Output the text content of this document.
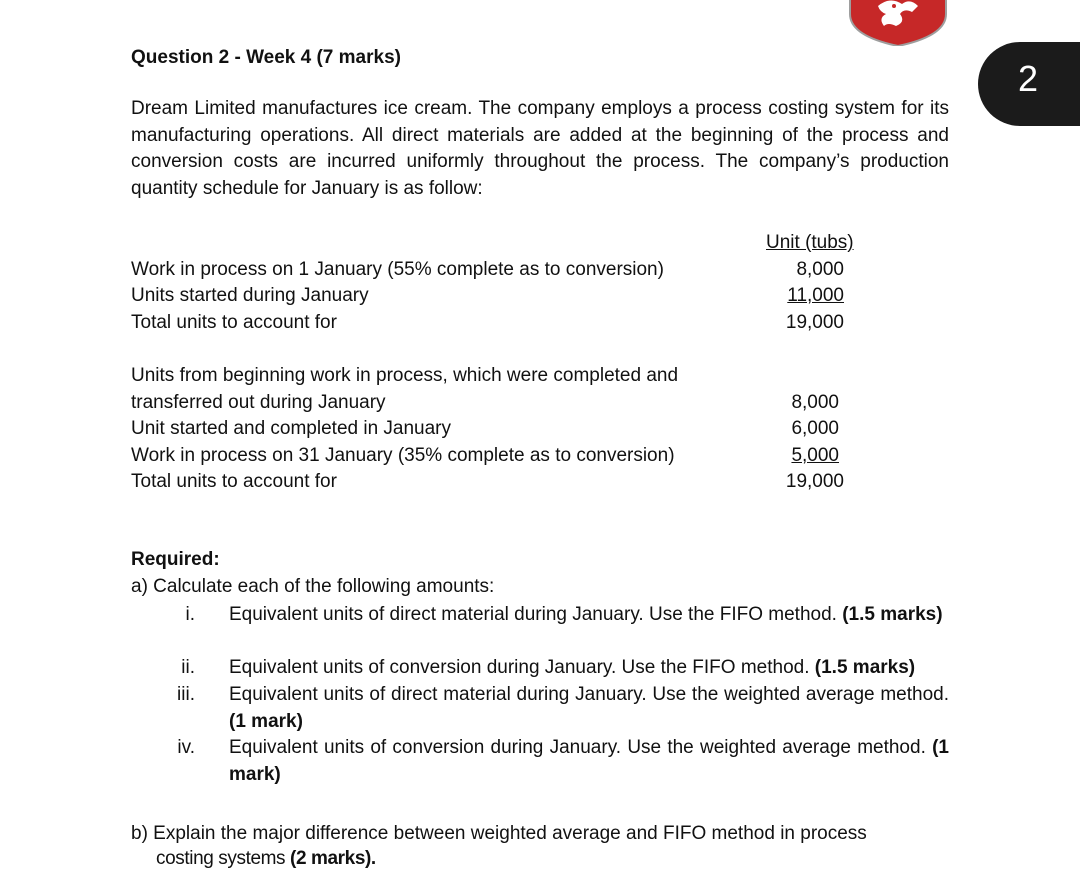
2
Question 2 - Week 4 (7 marks)
Dream Limited manufactures ice cream. The company employs a process costing system for its manufacturing operations. All direct materials are added at the beginning of the process and conversion costs are incurred uniformly throughout the process. The company’s production quantity schedule for January is as follow:
Unit (tubs)
Work in process on 1 January (55% complete as to conversion)	8,000
Units started during January	11,000
Total units to account for	19,000
Units from beginning work in process, which were completed and
transferred out during January	8,000
Unit started and completed in January	6,000
Work in process on 31 January (35% complete as to conversion)	5,000
Total units to account for	19,000
Required:
a) Calculate each of the following amounts:
i. Equivalent units of direct material during January. Use the FIFO method. (1.5 marks)
ii. Equivalent units of conversion during January. Use the FIFO method. (1.5 marks)
iii. Equivalent units of direct material during January. Use the weighted average method. (1 mark)
iv. Equivalent units of conversion during January. Use the weighted average method. (1 mark)
b) Explain the major difference between weighted average and FIFO method in process
costing systems (2 marks).
